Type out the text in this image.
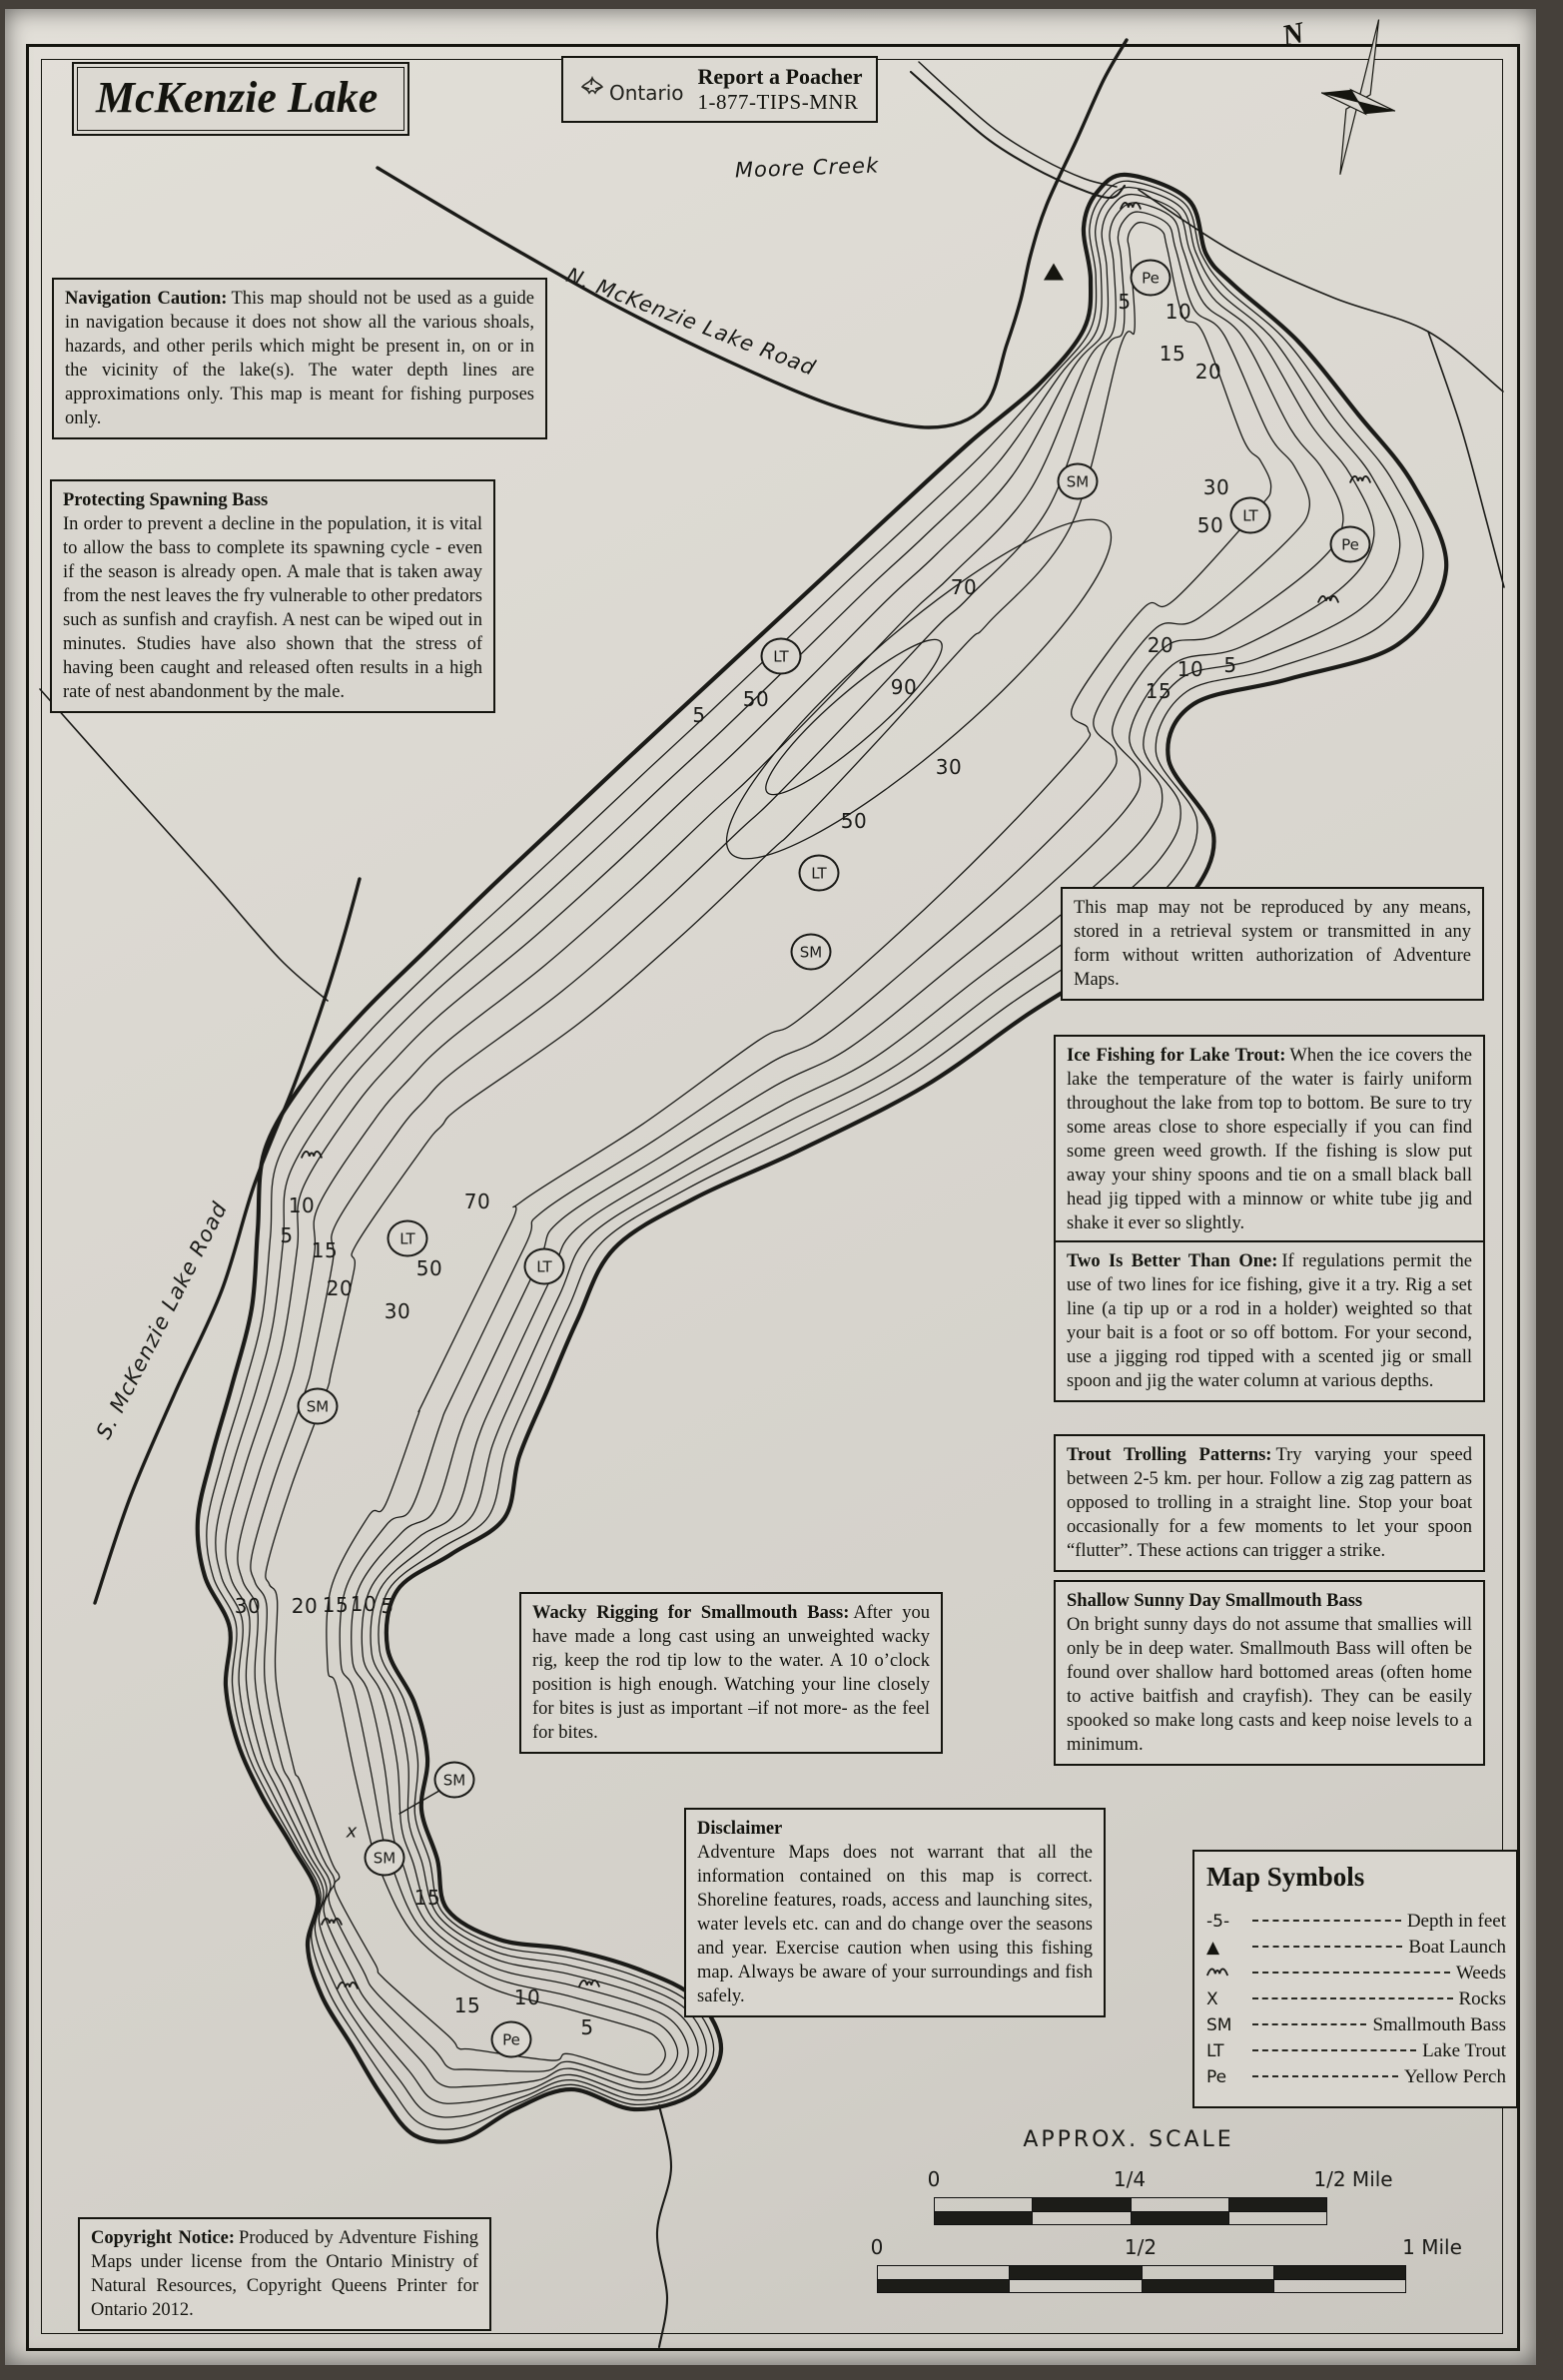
5 10
15
20
30
50
70
90
30
50
5
50
20
10 5
15
10
5
15
20
30
50
70
30 20 15 10 5
15
15 10
5
Pe
SM
LT
LT
Pe
LT
SM
LT
LT
SM
SM
SM
Pe
x
Moore Creek
N. McKenzie Lake Road
S. McKenzie Lake Road
N
McKenzie Lake	Ontario
Report a Poacher
1-877-TIPS-MNR
Navigation Caution: This map should not be used as a guide in navigation because it does not show all the various shoals, hazards, and other perils which might be present in, on or in the vicinity of the lake(s). The water depth lines are approximations only. This map is meant for fishing purposes only.
Protecting Spawning Bass
In order to prevent a decline in the population, it is vital to allow the bass to complete its spawning cycle - even if the season is already open. A male that is taken away from the nest leaves the fry vulnerable to other predators such as sunfish and crayfish. A nest can be wiped out in minutes. Studies have also shown that the stress of having been caught and released often results in a high rate of nest abandonment by the male.
This map may not be reproduced by any means, stored in a retrieval system or transmitted in any form without written authorization of Adventure Maps.
Ice Fishing for Lake Trout: When the ice covers the lake the temperature of the water is fairly uniform throughout the lake from top to bottom. Be sure to try some areas close to shore especially if you can find some green weed growth. If the fishing is slow put away your shiny spoons and tie on a small black ball head jig tipped with a minnow or white tube jig and shake it ever so slightly.
Two Is Better Than One: If regulations permit the use of two lines for ice fishing, give it a try. Rig a set line (a tip up or a rod in a holder) weighted so that your bait is a foot or so off bottom. For your second, use a jigging rod tipped with a scented jig or small spoon and jig the water column at various depths.
Trout Trolling Patterns: Try varying your speed between 2-5 km. per hour. Follow a zig zag pattern as opposed to trolling in a straight line. Stop your boat occasionally for a few moments to let your spoon “flutter”. These actions can trigger a strike.
Shallow Sunny Day Smallmouth Bass
On bright sunny days do not assume that smallies will only be in deep water. Smallmouth Bass will often be found over shallow hard bottomed areas (often home to active baitfish and crayfish). They can be easily spooked so make long casts and keep noise levels to a minimum.
Wacky Rigging for Smallmouth Bass: After you have made a long cast using an unweighted wacky rig, keep the rod tip low to the water. A 10 o’clock position is high enough. Watching your line closely for bites is just as important –if not more- as the feel for bites.
Disclaimer
Adventure Maps does not warrant that all the information contained on this map is correct. Shoreline features, roads, access and launching sites, water levels etc. can and do change over the seasons and year. Exercise caution when using this fishing map. Always be aware of your surroundings and fish safely.
Copyright Notice: Produced by Adventure Fishing Maps under license from the Ontario Ministry of Natural Resources, Copyright Queens Printer for Ontario 2012.
Map Symbols
-5-	Depth in feet
▲	Boat Launch
Weeds
X	Rocks
SM	Smallmouth Bass
LT	Lake Trout
Pe	Yellow Perch
APPROX. SCALE
0	1/4	1/2 Mile
0	1/2	1 Mile
